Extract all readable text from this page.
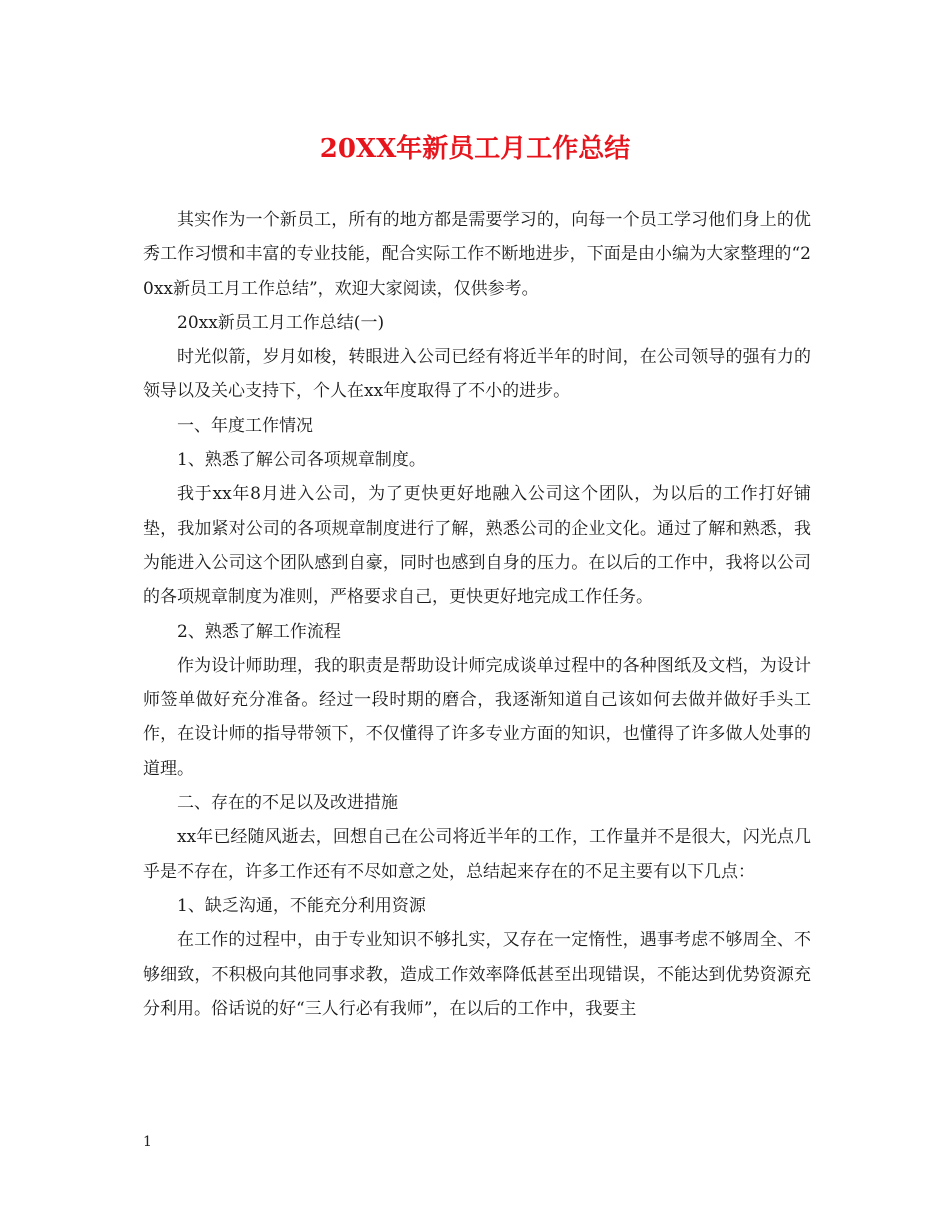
20XX年新员工月工作总结

其实作为一个新员工，所有的地方都是需要学习的，向每一个员工学习他们身上的优秀工作习惯和丰富的专业技能，配合实际工作不断地进步，下面是由小编为大家整理的“20xx新员工月工作总结”，欢迎大家阅读，仅供参考。

20xx新员工月工作总结(一)

时光似箭，岁月如梭，转眼进入公司已经有将近半年的时间，在公司领导的强有力的领导以及关心支持下，个人在xx年度取得了不小的进步。

一、年度工作情况

1、熟悉了解公司各项规章制度。

我于xx年8月进入公司，为了更快更好地融入公司这个团队，为以后的工作打好铺垫，我加紧对公司的各项规章制度进行了解，熟悉公司的企业文化。通过了解和熟悉，我为能进入公司这个团队感到自豪，同时也感到自身的压力。在以后的工作中，我将以公司的各项规章制度为准则，严格要求自己，更快更好地完成工作任务。

2、熟悉了解工作流程

作为设计师助理，我的职责是帮助设计师完成谈单过程中的各种图纸及文档，为设计师签单做好充分准备。经过一段时期的磨合，我逐渐知道自己该如何去做并做好手头工作，在设计师的指导带领下，不仅懂得了许多专业方面的知识，也懂得了许多做人处事的道理。

二、存在的不足以及改进措施

xx年已经随风逝去，回想自己在公司将近半年的工作，工作量并不是很大，闪光点几乎是不存在，许多工作还有不尽如意之处，总结起来存在的不足主要有以下几点：

1、缺乏沟通，不能充分利用资源

在工作的过程中，由于专业知识不够扎实，又存在一定惰性，遇事考虑不够周全、不够细致，不积极向其他同事求教，造成工作效率降低甚至出现错误，不能达到优势资源充分利用。俗话说的好“三人行必有我师”，在以后的工作中，我要主

1
